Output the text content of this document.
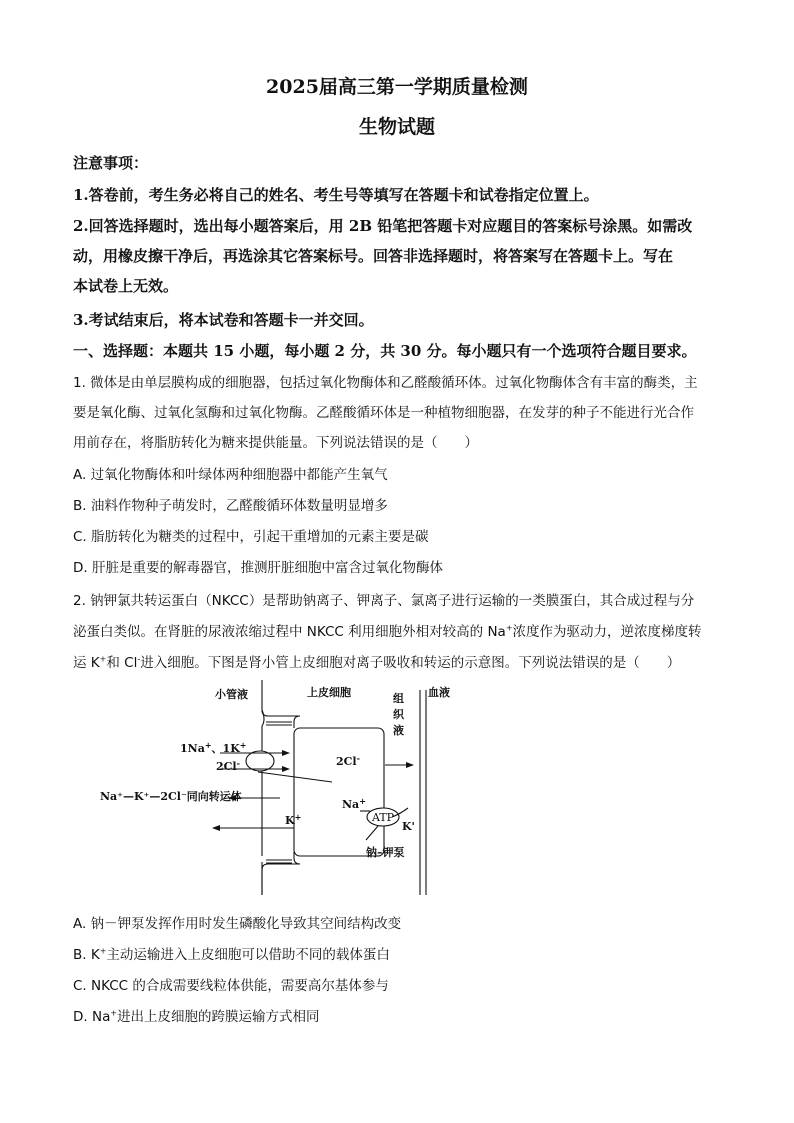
2025届高三第一学期质量检测
生物试题
注意事项：
1.答卷前，考生务必将自己的姓名、考生号等填写在答题卡和试卷指定位置上。
2.回答选择题时，选出每小题答案后，用 2B 铅笔把答题卡对应题目的答案标号涂黑。如需改
动，用橡皮擦干净后，再选涂其它答案标号。回答非选择题时，将答案写在答题卡上。写在
本试卷上无效。
3.考试结束后，将本试卷和答题卡一并交回。
一、选择题：本题共 15 小题，每小题 2 分，共 30 分。每小题只有一个选项符合题目要求。
1. 微体是由单层膜构成的细胞器，包括过氧化物酶体和乙醛酸循环体。过氧化物酶体含有丰富的酶类，主
要是氧化酶、过氧化氢酶和过氧化物酶。乙醛酸循环体是一种植物细胞器，在发芽的种子不能进行光合作
用前存在，将脂肪转化为糖来提供能量。下列说法错误的是（　　）
A. 过氧化物酶体和叶绿体两种细胞器中都能产生氧气
B. 油料作物种子萌发时，乙醛酸循环体数量明显增多
C. 脂肪转化为糖类的过程中，引起干重增加的元素主要是碳
D. 肝脏是重要的解毒器官，推测肝脏细胞中富含过氧化物酶体
2. 钠钾氯共转运蛋白（NKCC）是帮助钠离子、钾离子、氯离子进行运输的一类膜蛋白，其合成过程与分
泌蛋白类似。在肾脏的尿液浓缩过程中 NKCC 利用细胞外相对较高的 Na+浓度作为驱动力，逆浓度梯度转
运 K+和 Cl-进入细胞。下图是肾小管上皮细胞对离子吸收和转运的示意图。下列说法错误的是（　　）
小管液	上皮细胞	组
织
液
血液
1Na+、1K+
2Cl-	2Cl-
Na⁺—K⁺—2Cl⁻同向转运体
K+
Na+
ATP
K'
钠–钾泵
A. 钠－钾泵发挥作用时发生磷酸化导致其空间结构改变
B. K+主动运输进入上皮细胞可以借助不同的载体蛋白
C. NKCC 的合成需要线粒体供能，需要高尔基体参与
D. Na+进出上皮细胞的跨膜运输方式相同
